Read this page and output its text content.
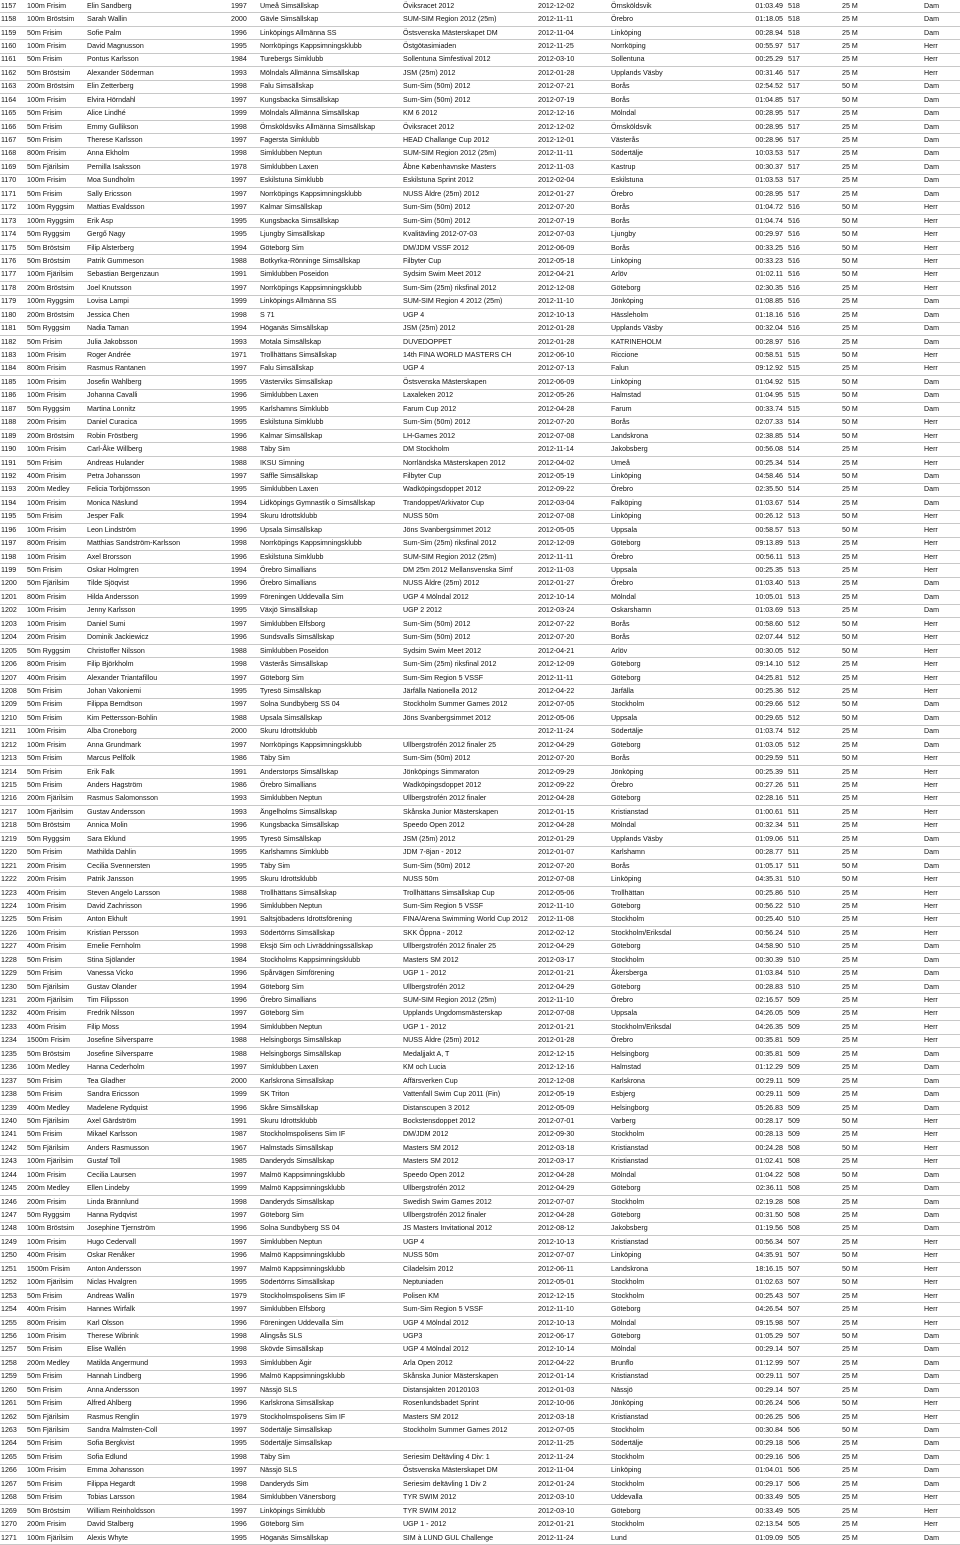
1157	100m Frisim	Elin Sandberg	1997	Umeå Simsällskap	Öviksracet 2012	2012-12-02	Örnsköldsvik	01:03.49	518	25 M	Dam
1158	100m Bröstsim	Sarah Wallin	2000	Gävle Simsällskap	SUM-SIM Region 2012 (25m)	2012-11-11	Örebro	01:18.05	518	25 M	Dam
1159	50m Frisim	Sofie Palm	1996	Linköpings Allmänna SS	Östsvenska Mästerskapet DM	2012-11-04	Linköping	00:28.94	518	25 M	Dam
1160	100m Frisim	David Magnusson	1995	Norrköpings Kappsimningsklubb	Östgötasimiaden	2012-11-25	Norrköping	00:55.97	517	25 M	Herr
1161	50m Frisim	Pontus Karlsson	1984	Turebergs Simklubb	Sollentuna Simfestival 2012	2012-03-10	Sollentuna	00:25.29	517	25 M	Herr
1162	50m Bröstsim	Alexander Söderman	1993	Mölndals Allmänna Simsällskap	JSM (25m) 2012	2012-01-28	Upplands Väsby	00:31.46	517	25 M	Herr
1163	200m Bröstsim	Elin Zetterberg	1998	Falu Simsällskap	Sum-Sim (50m) 2012	2012-07-21	Borås	02:54.52	517	50 M	Dam
1164	100m Frisim	Elvira Hörndahl	1997	Kungsbacka Simsällskap	Sum-Sim (50m) 2012	2012-07-19	Borås	01:04.85	517	50 M	Dam
1165	50m Frisim	Alice Lindhé	1999	Mölndals Allmänna Simsällskap	KM 6 2012	2012-12-16	Mölndal	00:28.95	517	25 M	Dam
1166	50m Frisim	Emmy Gullikson	1998	Örnsköldsviks Allmänna Simsällskap	Öviksracet 2012	2012-12-02	Örnsköldsvik	00:28.95	517	25 M	Dam
1167	50m Frisim	Therese Karlsson	1997	Fagersta Simklubb	HEAD Challange Cup 2012	2012-12-01	Västerås	00:28.96	517	25 M	Dam
1168	800m Frisim	Anna Ekholm	1998	Simklubben Neptun	SUM-SIM Region 2012 (25m)	2012-11-11	Södertälje	10:03.53	517	25 M	Dam
1169	50m Fjärilsim	Pernilla Isaksson	1978	Simklubben Laxen	Åbne Københavnske Masters	2012-11-03	Kastrup	00:30.37	517	25 M	Dam
1170	100m Frisim	Moa Sundholm	1997	Eskilstuna Simklubb	Eskilstuna Sprint 2012	2012-02-04	Eskilstuna	01:03.53	517	25 M	Dam
1171	50m Frisim	Sally Ericsson	1997	Norrköpings Kappsimningsklubb	NUSS Äldre (25m) 2012	2012-01-27	Örebro	00:28.95	517	25 M	Dam
1172	100m Ryggsim	Mattias Evaldsson	1997	Kalmar Simsällskap	Sum-Sim (50m) 2012	2012-07-20	Borås	01:04.72	516	50 M	Herr
1173	100m Ryggsim	Erik Asp	1995	Kungsbacka Simsällskap	Sum-Sim (50m) 2012	2012-07-19	Borås	01:04.74	516	50 M	Herr
1174	50m Ryggsim	Gergő Nagy	1995	Ljungby Simsällskap	Kvalitävling 2012-07-03	2012-07-03	Ljungby	00:29.97	516	50 M	Herr
1175	50m Bröstsim	Filip Alsterberg	1994	Göteborg Sim	DM/JDM VSSF 2012	2012-06-09	Borås	00:33.25	516	50 M	Herr
1176	50m Bröstsim	Patrik Gummeson	1988	Botkyrka-Rönninge Simsällskap	Filbyter Cup	2012-05-18	Linköping	00:33.23	516	50 M	Herr
1177	100m Fjärilsim	Sebastian Bergenzaun	1991	Simklubben Poseidon	Sydsim Swim Meet 2012	2012-04-21	Arlöv	01:02.11	516	50 M	Herr
1178	200m Bröstsim	Joel Knutsson	1997	Norrköpings Kappsimningsklubb	Sum-Sim (25m) riksfinal 2012	2012-12-08	Göteborg	02:30.35	516	25 M	Herr
1179	100m Ryggsim	Lovisa Lampi	1999	Linköpings Allmänna SS	SUM-SIM Region 4 2012 (25m)	2012-11-10	Jönköping	01:08.85	516	25 M	Dam
1180	200m Bröstsim	Jessica Chen	1998	S 71	UGP 4	2012-10-13	Hässleholm	01:18.16	516	25 M	Dam
1181	50m Ryggsim	Nadia Taman	1994	Höganäs Simsällskap	JSM (25m) 2012	2012-01-28	Upplands Väsby	00:32.04	516	25 M	Dam
1182	50m Frisim	Julia Jakobsson	1993	Motala Simsällskap	DUVEDOPPET	2012-01-28	KATRINEHOLM	00:28.97	516	25 M	Dam
1183	100m Frisim	Roger Andrée	1971	Trollhättans Simsällskap	14th FINA WORLD MASTERS CH	2012-06-10	Riccione	00:58.51	515	50 M	Herr
1184	800m Frisim	Rasmus Rantanen	1997	Falu Simsällskap	UGP 4	2012-07-13	Falun	09:12.92	515	25 M	Herr
1185	100m Frisim	Josefin Wahlberg	1995	Västerviks Simsällskap	Östsvenska Mästerskapen	2012-06-09	Linköping	01:04.92	515	50 M	Dam
1186	100m Frisim	Johanna Cavalli	1996	Simklubben Laxen	Laxaleken 2012	2012-05-26	Halmstad	01:04.95	515	50 M	Dam
1187	50m Ryggsim	Martina Lonnitz	1995	Karlshamns Simklubb	Farum Cup 2012	2012-04-28	Farum	00:33.74	515	50 M	Dam
1188	200m Frisim	Daniel Curacica	1995	Eskilstuna Simklubb	Sum-Sim (50m) 2012	2012-07-20	Borås	02:07.33	514	50 M	Herr
1189	200m Bröstsim	Robin Fröstberg	1996	Kalmar Simsällskap	LH-Games 2012	2012-07-08	Landskrona	02:38.85	514	50 M	Herr
1190	100m Frisim	Carl-Åke Willberg	1988	Täby Sim	DM Stockholm	2012-11-14	Jakobsberg	00:56.08	514	25 M	Herr
1191	50m Frisim	Andreas Hulander	1988	IKSU Simning	Norrländska Mästerskapen 2012	2012-04-02	Umeå	00:25.34	514	25 M	Herr
1192	400m Frisim	Petra Johansson	1997	Säffle Simsällskap	Filbyter Cup	2012-05-19	Linköping	04:58.46	514	50 M	Dam
1193	200m Medley	Felicia Torbjörnsson	1995	Simklubben Laxen	Wadköpingsdoppet 2012	2012-09-22	Örebro	02:35.50	514	25 M	Dam
1194	100m Frisim	Monica Näslund	1994	Lidköpings Gymnastik o Simsällskap	Trandoppet/Arkivator Cup	2012-03-04	Falköping	01:03.67	514	25 M	Dam
1195	50m Frisim	Jesper Falk	1994	Skuru Idrottsklubb	NUSS 50m	2012-07-08	Linköping	00:26.12	513	50 M	Herr
1196	100m Frisim	Leon Lindström	1996	Upsala Simsällskap	Jöns Svanbergsimmet 2012	2012-05-05	Uppsala	00:58.57	513	50 M	Herr
1197	800m Frisim	Matthias Sandström-Karlsson	1998	Norrköpings Kappsimningsklubb	Sum-Sim (25m) riksfinal 2012	2012-12-09	Göteborg	09:13.89	513	25 M	Herr
1198	100m Frisim	Axel Brorsson	1996	Eskilstuna Simklubb	SUM-SIM Region 2012 (25m)	2012-11-11	Örebro	00:56.11	513	25 M	Herr
1199	50m Frisim	Oskar Holmgren	1994	Örebro Simallians	DM 25m 2012 Mellansvenska Simf	2012-11-03	Uppsala	00:25.35	513	25 M	Herr
1200	50m Fjärilsim	Tilde Sjöqvist	1996	Örebro Simallians	NUSS Äldre (25m) 2012	2012-01-27	Örebro	01:03.40	513	25 M	Dam
1201	800m Frisim	Hilda Andersson	1999	Föreningen Uddevalla Sim	UGP 4 Mölndal 2012	2012-10-14	Mölndal	10:05.01	513	25 M	Dam
1202	100m Frisim	Jenny Karlsson	1995	Växjö Simsällskap	UGP 2 2012	2012-03-24	Oskarshamn	01:03.69	513	25 M	Dam
1203	100m Frisim	Daniel Sumi	1997	Simklubben Elfsborg	Sum-Sim (50m) 2012	2012-07-22	Borås	00:58.60	512	50 M	Herr
1204	200m Frisim	Dominik Jackiewicz	1996	Sundsvalls Simsällskap	Sum-Sim (50m) 2012	2012-07-20	Borås	02:07.44	512	50 M	Herr
1205	50m Ryggsim	Christoffer Nilsson	1988	Simklubben Poseidon	Sydsim Swim Meet 2012	2012-04-21	Arlöv	00:30.05	512	50 M	Herr
1206	800m Frisim	Filip Björkholm	1998	Västerås Simsällskap	Sum-Sim (25m) riksfinal 2012	2012-12-09	Göteborg	09:14.10	512	25 M	Herr
1207	400m Frisim	Alexander Triantafillou	1997	Göteborg Sim	Sum-Sim Region 5 VSSF	2012-11-11	Göteborg	04:25.81	512	25 M	Herr
1208	50m Frisim	Johan Vakoniemi	1995	Tyresö Simsällskap	Järfälla Nationella 2012	2012-04-22	Järfälla	00:25.36	512	25 M	Herr
1209	50m Frisim	Filippa Berndtson	1997	Solna Sundbyberg SS 04	Stockholm Summer Games 2012	2012-07-05	Stockholm	00:29.66	512	50 M	Dam
1210	50m Frisim	Kim Pettersson-Bohlin	1988	Upsala Simsällskap	Jöns Svanbergsimmet 2012	2012-05-06	Uppsala	00:29.65	512	50 M	Dam
1211	100m Frisim	Alba Croneborg	2000	Skuru Idrottsklubb		2012-11-24	Södertälje	01:03.74	512	25 M	Dam
1212	100m Frisim	Anna Grundmark	1997	Norrköpings Kappsimningsklubb	Ullbergstrofén 2012 finaler 25	2012-04-29	Göteborg	01:03.05	512	25 M	Dam
1213	50m Frisim	Marcus Pellfolk	1986	Täby Sim	Sum-Sim (50m) 2012	2012-07-20	Borås	00:29.59	511	50 M	Herr
1214	50m Frisim	Erik Falk	1991	Anderstorps Simsällskap	Jönköpings Simmaraton	2012-09-29	Jönköping	00:25.39	511	25 M	Herr
1215	50m Frisim	Anders Hagström	1986	Örebro Simallians	Wadköpingsdoppet 2012	2012-09-22	Örebro	00:27.26	511	25 M	Herr
1216	200m Fjärilsim	Rasmus Salomonsson	1993	Simklubben Neptun	Ullbergstrofén 2012 finaler	2012-04-28	Göteborg	02:28.16	511	25 M	Herr
1217	100m Fjärilsim	Gustav Andersson	1993	Ängelholms Simsällskap	Skånska Junior Mästerskapen	2012-01-15	Kristianstad	01:00.61	511	25 M	Herr
1218	50m Bröstsim	Annica Molin	1996	Kungsbacka Simsällskap	Speedo Open 2012	2012-04-28	Mölndal	00:32.34	511	25 M	Herr
1219	50m Ryggsim	Sara Eklund	1995	Tyresö Simsällskap	JSM (25m) 2012	2012-01-29	Upplands Väsby	01:09.06	511	25 M	Dam
1220	50m Frisim	Mathilda Dahlin	1995	Karlshamns Simklubb	JDM 7-8jan - 2012	2012-01-07	Karlshamn	00:28.77	511	25 M	Dam
1221	200m Frisim	Cecilia Svennersten	1995	Täby Sim	Sum-Sim (50m) 2012	2012-07-20	Borås	01:05.17	511	50 M	Dam
1222	200m Frisim	Patrik Jansson	1995	Skuru Idrottsklubb	NUSS 50m	2012-07-08	Linköping	04:35.31	510	50 M	Herr
1223	400m Frisim	Steven Angelo Larsson	1988	Trollhättans Simsällskap	Trollhättans Simsällskap Cup	2012-05-06	Trollhättan	00:25.86	510	25 M	Herr
1224	100m Frisim	David Zachrisson	1996	Simklubben Neptun	Sum-Sim Region 5 VSSF	2012-11-10	Göteborg	00:56.22	510	25 M	Herr
1225	50m Frisim	Anton Ekhult	1991	Saltsjöbadens Idrottsförening	FINA/Arena Swimming World Cup 2012	2012-11-08	Stockholm	00:25.40	510	25 M	Herr
1226	100m Frisim	Kristian Persson	1993	Södertörns Simsällskap	SKK Öppna - 2012	2012-02-12	Stockholm/Eriksdal	00:56.24	510	25 M	Herr
1227	400m Frisim	Emelie Fernholm	1998	Eksjö Sim och Livräddningssällskap	Ullbergstrofén 2012 finaler 25	2012-04-29	Göteborg	04:58.90	510	25 M	Dam
1228	50m Frisim	Stina Sjölander	1984	Stockholms Kappsimningsklubb	Masters SM 2012	2012-03-17	Stockholm	00:30.39	510	25 M	Dam
1229	50m Frisim	Vanessa Vicko	1996	Spårvägen Simförening	UGP 1 - 2012	2012-01-21	Åkersberga	01:03.84	510	25 M	Dam
1230	50m Fjärilsim	Gustav Olander	1994	Göteborg Sim	Ullbergstrofén 2012	2012-04-29	Göteborg	00:28.83	510	25 M	Dam
1231	200m Fjärilsim	Tim Filipsson	1996	Örebro Simallians	SUM-SIM Region 2012 (25m)	2012-11-10	Örebro	02:16.57	509	25 M	Herr
1232	400m Frisim	Fredrik Nilsson	1997	Göteborg Sim	Upplands Ungdomsmästerskap	2012-07-08	Uppsala	04:26.05	509	25 M	Herr
1233	400m Frisim	Filip Moss	1994	Simklubben Neptun	UGP 1 - 2012	2012-01-21	Stockholm/Eriksdal	04:26.35	509	25 M	Herr
1234	1500m Frisim	Josefine Silversparre	1988	Helsingborgs Simsällskap	NUSS Äldre (25m) 2012	2012-01-28	Örebro	00:35.81	509	25 M	Herr
1235	50m Bröstsim	Josefine Silversparre	1988	Helsingborgs Simsällskap	Medaljjakt A, T	2012-12-15	Helsingborg	00:35.81	509	25 M	Dam
1236	100m Medley	Hanna Cederholm	1997	Simklubben Laxen	KM och Lucia	2012-12-16	Halmstad	01:12.29	509	25 M	Dam
1237	50m Frisim	Tea Gladher	2000	Karlskrona Simsällskap	Affärsverken Cup	2012-12-08	Karlskrona	00:29.11	509	25 M	Dam
1238	50m Frisim	Sandra Ericsson	1999	SK Triton	Vattenfall Swim Cup 2011 (Fin)	2012-05-19	Esbjerg	00:29.11	509	25 M	Dam
1239	400m Medley	Madelene Rydquist	1996	Skåre Simsällskap	Distanscupen 3 2012	2012-05-09	Helsingborg	05:26.83	509	25 M	Dam
1240	50m Fjärilsim	Axel Gärdström	1991	Skuru Idrottsklubb	Bockstensdoppet 2012	2012-07-01	Varberg	00:28.17	509	50 M	Herr
1241	50m Frisim	Mikael Karlsson	1987	Stockholmspolisens Sim IF	DM/JDM 2012	2012-09-30	Stockholm	00:28.13	509	25 M	Herr
1242	50m Fjärilsim	Anders Rasmusson	1967	Halmstads Simsällskap	Masters SM 2012	2012-03-18	Kristianstad	00:24.28	508	50 M	Herr
1243	100m Fjärilsim	Gustaf Toll	1985	Danderyds Simsällskap	Masters SM 2012	2012-03-17	Kristianstad	01:02.41	508	25 M	Herr
1244	100m Frisim	Cecilia Laursen	1997	Malmö Kappsimningsklubb	Speedo Open 2012	2012-04-28	Mölndal	01:04.22	508	50 M	Dam
1245	200m Medley	Ellen Lindeby	1999	Malmö Kappsimningsklubb	Ullbergstrofén 2012	2012-04-29	Göteborg	02:36.11	508	25 M	Dam
1246	200m Frisim	Linda Brännlund	1998	Danderyds Simsällskap	Swedish Swim Games 2012	2012-07-07	Stockholm	02:19.28	508	25 M	Dam
1247	50m Ryggsim	Hanna Rydqvist	1997	Göteborg Sim	Ullbergstrofén 2012 finaler	2012-04-28	Göteborg	00:31.50	508	25 M	Dam
1248	100m Bröstsim	Josephine Tjernström	1996	Solna Sundbyberg SS 04	JS Masters Invitational 2012	2012-08-12	Jakobsberg	01:19.56	508	25 M	Dam
1249	100m Frisim	Hugo Cedervall	1997	Simklubben Neptun	UGP 4	2012-10-13	Kristianstad	00:56.34	507	25 M	Herr
1250	400m Frisim	Oskar Renåker	1996	Malmö Kappsimningsklubb	NUSS 50m	2012-07-07	Linköping	04:35.91	507	50 M	Herr
1251	1500m Frisim	Anton Andersson	1997	Malmö Kappsimningsklubb	Ciladelsim 2012	2012-06-11	Landskrona	18:16.15	507	50 M	Herr
1252	100m Fjärilsim	Niclas Hvalgren	1995	Södertörns Simsällskap	Neptuniaden	2012-05-01	Stockholm	01:02.63	507	50 M	Herr
1253	50m Frisim	Andreas Wallin	1979	Stockholmspolisens Sim IF	Polisen KM	2012-12-15	Stockholm	00:25.43	507	25 M	Herr
1254	400m Frisim	Hannes Wirfalk	1997	Simklubben Elfsborg	Sum-Sim Region 5 VSSF	2012-11-10	Göteborg	04:26.54	507	25 M	Herr
1255	800m Frisim	Karl Olsson	1996	Föreningen Uddevalla Sim	UGP 4 Mölndal 2012	2012-10-13	Mölndal	09:15.98	507	25 M	Herr
1256	100m Frisim	Therese Wibrink	1998	Alingsås SLS	UGP3	2012-06-17	Göteborg	01:05.29	507	50 M	Dam
1257	50m Frisim	Elise Wallén	1998	Skövde Simsällskap	UGP 4 Mölndal 2012	2012-10-14	Mölndal	00:29.14	507	25 M	Dam
1258	200m Medley	Matilda Angermund	1993	Simklubben Ägir	Arla Open 2012	2012-04-22	Brunflo	01:12.99	507	25 M	Dam
1259	50m Frisim	Hannah Lindberg	1996	Malmö Kappsimningsklubb	Skånska Junior Mästerskapen	2012-01-14	Kristianstad	00:29.11	507	25 M	Dam
1260	50m Frisim	Anna Andersson	1997	Nässjö SLS	Distansjakten 20120103	2012-01-03	Nässjö	00:29.14	507	25 M	Dam
1261	50m Frisim	Alfred Ahlberg	1996	Karlskrona Simsällskap	Rosenlundsbadet Sprint	2012-10-06	Jönköping	00:26.24	506	50 M	Herr
1262	50m Fjärilsim	Rasmus Renglin	1979	Stockholmspolisens Sim IF	Masters SM 2012	2012-03-18	Kristianstad	00:26.25	506	25 M	Herr
1263	50m Fjärilsim	Sandra Malmsten-Coll	1997	Södertälje Simsällskap	Stockholm Summer Games 2012	2012-07-05	Stockholm	00:30.84	506	50 M	Dam
1264	50m Frisim	Sofia Bergkvist	1995	Södertälje Simsällskap		2012-11-25	Södertälje	00:29.18	506	25 M	Dam
1265	50m Frisim	Sofia Edlund	1998	Täby Sim	Seriesim Deltävling 4 Div: 1	2012-11-24	Stockholm	00:29.16	506	25 M	Dam
1266	100m Frisim	Emma Johansson	1997	Nässjö SLS	Östsvenska Mästerskapet DM	2012-11-04	Linköping	01:04.01	506	25 M	Dam
1267	50m Frisim	Filippa Hegardt	1998	Danderyds Sim	Seriesim deltävling 1 Div 2	2012-01-24	Stockholm	00:29.17	506	25 M	Dam
1268	50m Frisim	Tobias Larsson	1984	Simklubben Vänersborg	TYR SWIM 2012	2012-03-10	Uddevalla	00:33.49	505	25 M	Herr
1269	50m Bröstsim	William Reinholdsson	1997	Linköpings Simklubb	TYR SWIM 2012	2012-03-10	Göteborg	00:33.49	505	25 M	Herr
1270	200m Frisim	David Stalberg	1996	Göteborg Sim	UGP 1 - 2012	2012-01-21	Stockholm	02:13.54	505	25 M	Herr
1271	100m Fjärilsim	Alexis Whyte	1995	Höganäs Simsällskap	SIM à LUND GUL Challenge	2012-11-24	Lund	01:09.09	505	25 M	Dam
